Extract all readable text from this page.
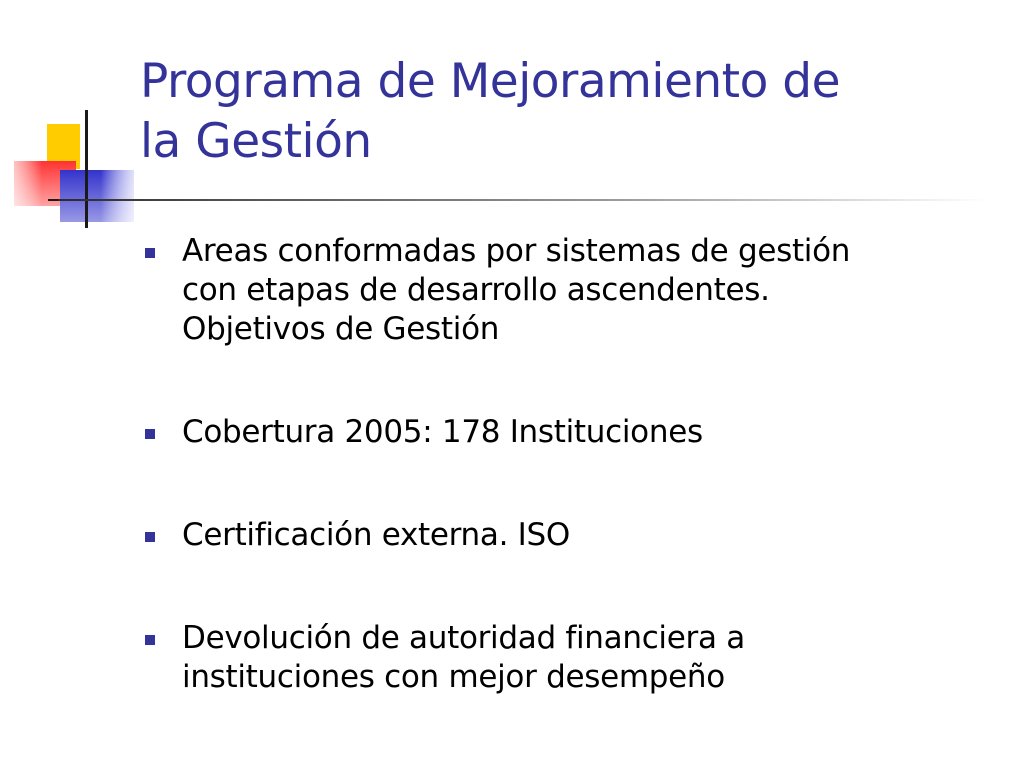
Programa de Mejoramiento de
la Gestión
Areas conformadas por sistemas de gestión
con etapas de desarrollo ascendentes.
Objetivos de Gestión
Cobertura 2005: 178 Instituciones
Certificación externa. ISO
Devolución de autoridad financiera a
instituciones con mejor desempeño
